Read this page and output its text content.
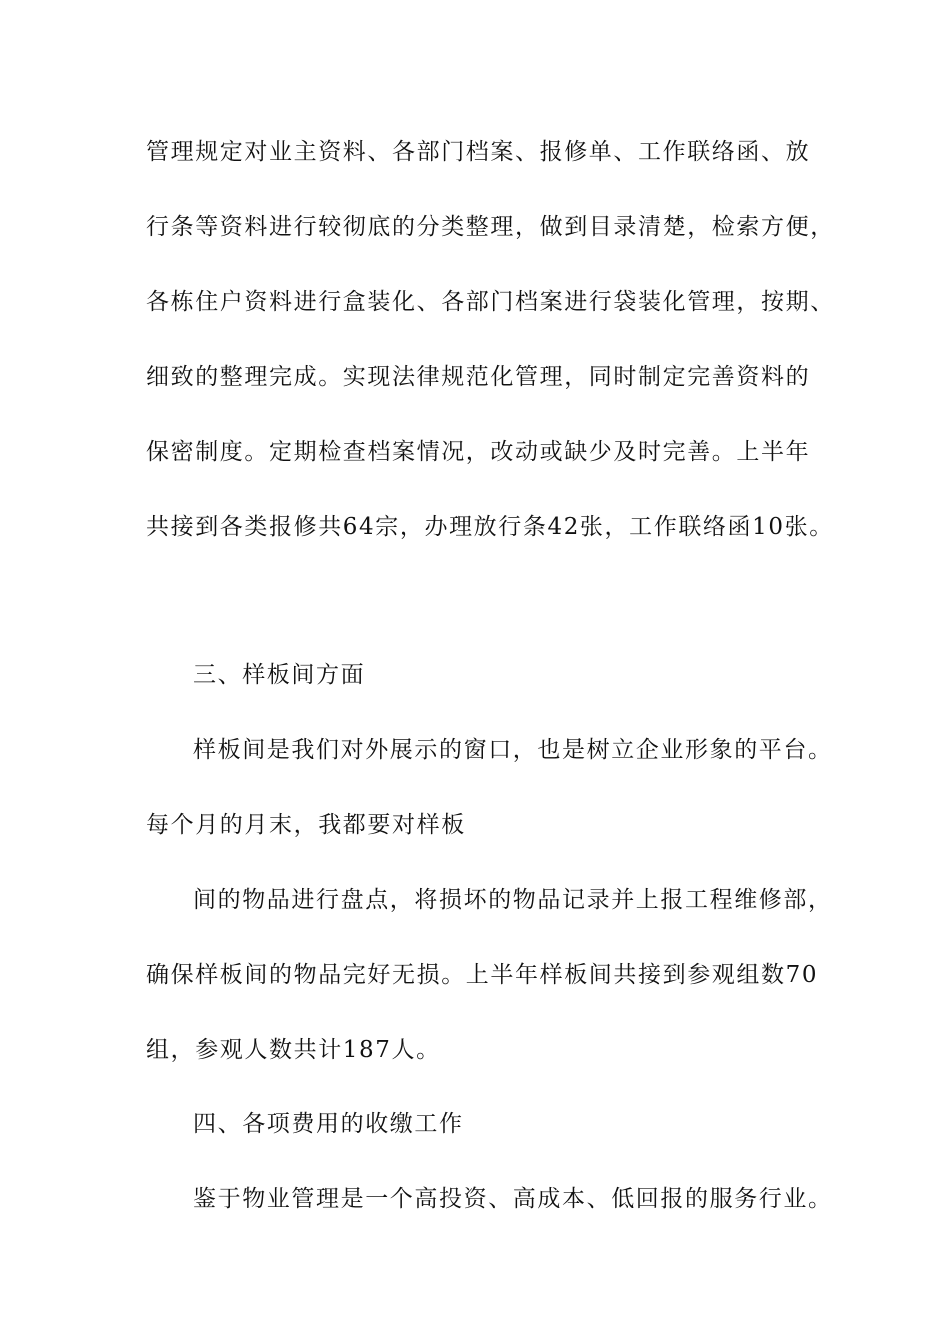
管理规定对业主资料、各部门档案、报修单、工作联络函、放
行条等资料进行较彻底的分类整理，做到目录清楚，检索方便，
各栋住户资料进行盒装化、各部门档案进行袋装化管理，按期、
细致的整理完成。实现法律规范化管理，同时制定完善资料的
保密制度。定期检查档案情况，改动或缺少及时完善。上半年
共接到各类报修共64宗，办理放行条42张，工作联络函10张。
三、样板间方面
样板间是我们对外展示的窗口，也是树立企业形象的平台。
每个月的月末，我都要对样板
间的物品进行盘点，将损坏的物品记录并上报工程维修部，
确保样板间的物品完好无损。上半年样板间共接到参观组数70
组，参观人数共计187人。
四、各项费用的收缴工作
鉴于物业管理是一个高投资、高成本、低回报的服务行业。
